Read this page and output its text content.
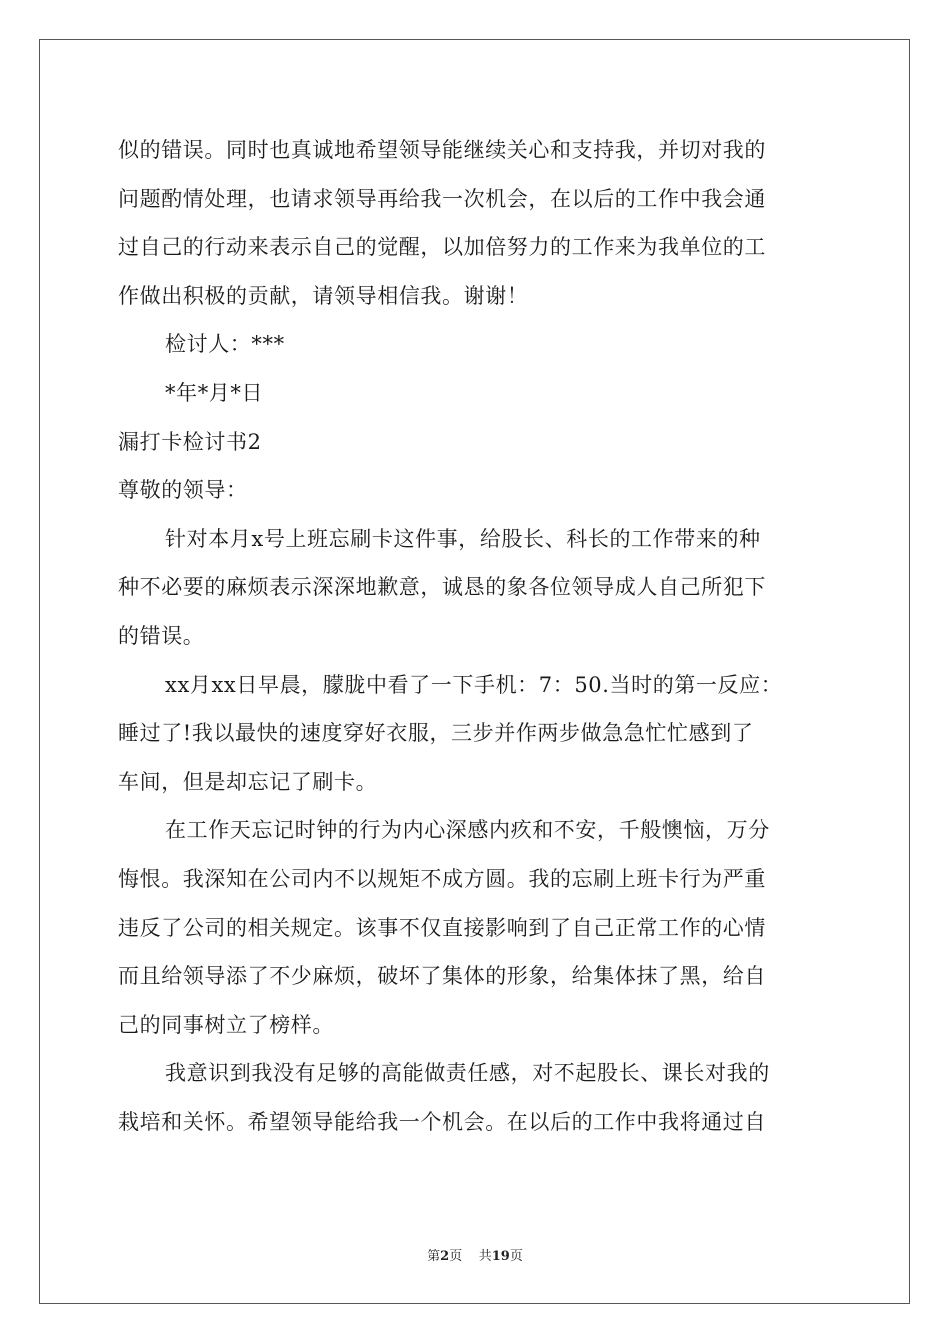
似的错误。同时也真诚地希望领导能继续关心和支持我，并切对我的
问题酌情处理，也请求领导再给我一次机会，在以后的工作中我会通
过自己的行动来表示自己的觉醒，以加倍努力的工作来为我单位的工
作做出积极的贡献，请领导相信我。谢谢！
检讨人：***
*年*月*日
漏打卡检讨书2
尊敬的领导：
针对本月x号上班忘刷卡这件事，给股长、科长的工作带来的种
种不必要的麻烦表示深深地歉意，诚恳的象各位领导成人自己所犯下
的错误。
xx月xx日早晨，朦胧中看了一下手机：7：50.当时的第一反应：
睡过了!我以最快的速度穿好衣服，三步并作两步做急急忙忙感到了
车间，但是却忘记了刷卡。
在工作天忘记时钟的行为内心深感内疚和不安，千般懊恼，万分
悔恨。我深知在公司内不以规矩不成方圆。我的忘刷上班卡行为严重
违反了公司的相关规定。该事不仅直接影响到了自己正常工作的心情
而且给领导添了不少麻烦，破坏了集体的形象，给集体抹了黑，给自
己的同事树立了榜样。
我意识到我没有足够的高能做责任感，对不起股长、课长对我的
栽培和关怀。希望领导能给我一个机会。在以后的工作中我将通过自
第2页 共19页
